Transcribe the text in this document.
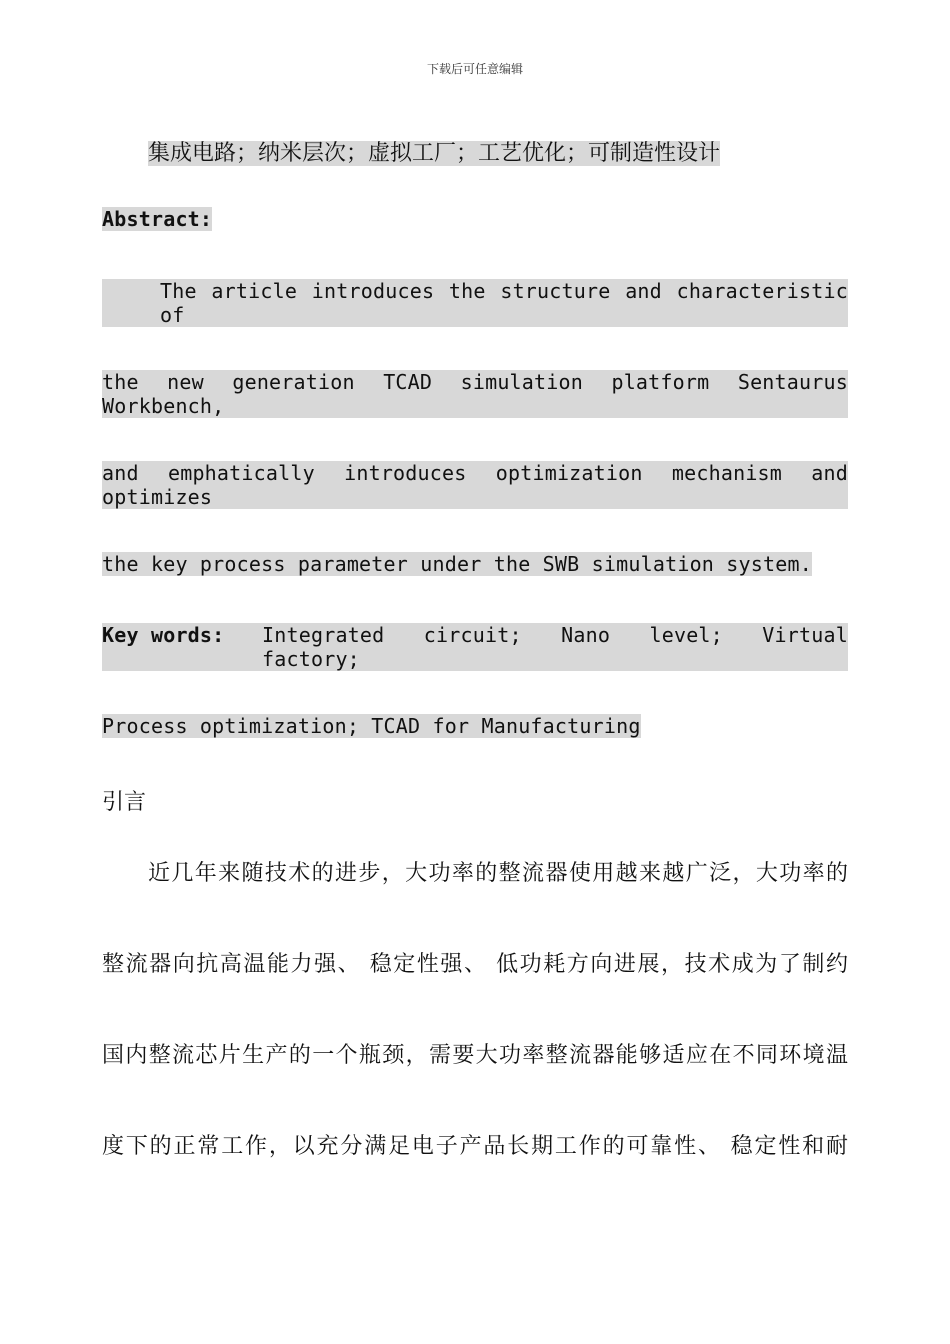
下载后可任意编辑
集成电路；纳米层次；虚拟工厂；工艺优化；可制造性设计
Abstract:
The article introduces the structure and characteristic of
the new generation TCAD simulation platform Sentaurus Workbench,
and emphatically introduces optimization mechanism and optimizes
the key process parameter under the SWB simulation system.
Key words: Integrated circuit; Nano level; Virtual factory;
Process optimization; TCAD for Manufacturing
引言
近几年来随技术的进步，大功率的整流器使用越来越广泛，大功率的
整流器向抗高温能力强、 稳定性强、 低功耗方向进展，技术成为了制约
国内整流芯片生产的一个瓶颈，需要大功率整流器能够适应在不同环境温
度下的正常工作，以充分满足电子产品长期工作的可靠性、 稳定性和耐
